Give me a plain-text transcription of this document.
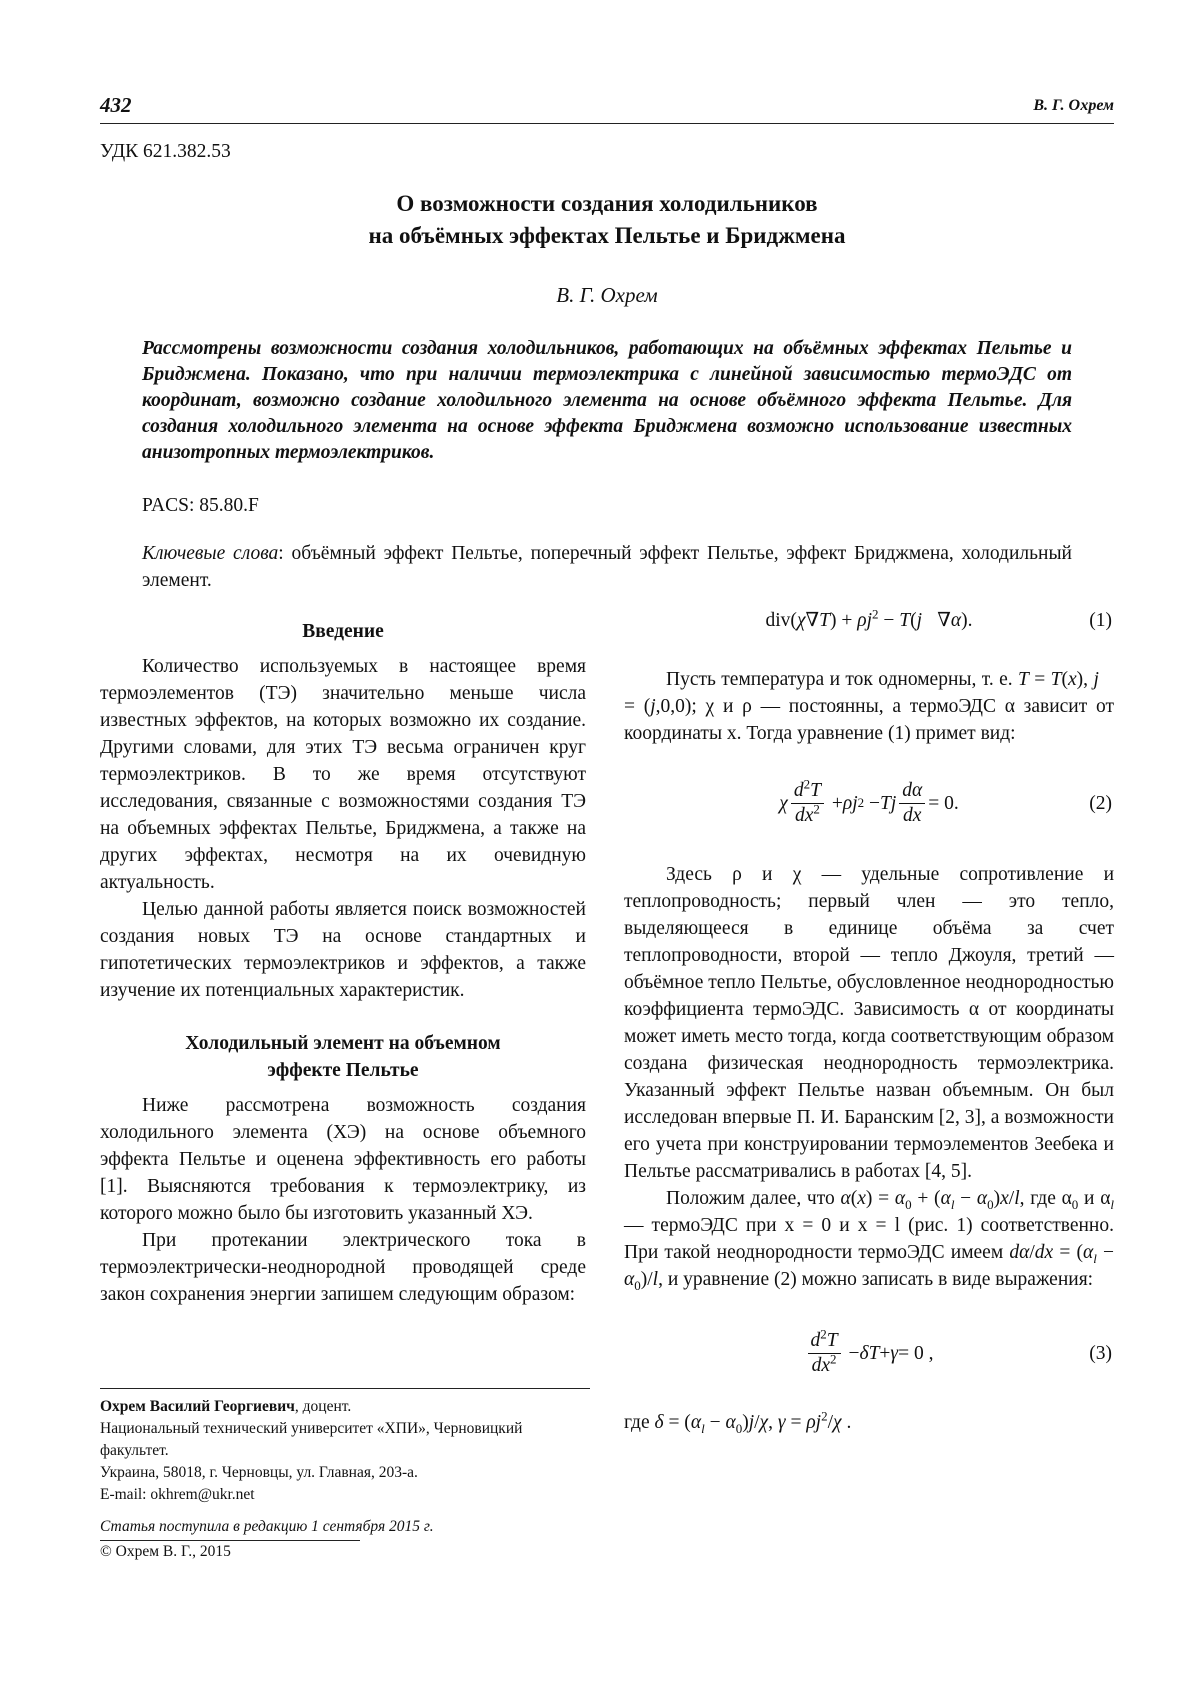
432	В. Г. Охрем
УДК 621.382.53
О возможности создания холодильников
на объёмных эффектах Пельтье и Бриджмена
В. Г. Охрем
Рассмотрены возможности создания холодильников, работающих на объёмных эффектах Пельтье и Бриджмена. Показано, что при наличии термоэлектрика с линейной зависимостью термоЭДС от координат, возможно создание холодильного элемента на основе объёмного эффекта Пельтье. Для создания холодильного элемента на основе эффекта Бриджмена возможно использование известных анизотропных термоэлектриков.
PACS: 85.80.F
Ключевые слова: объёмный эффект Пельтье, поперечный эффект Пельтье, эффект Бриджмена, холодильный элемент.

Введение

Количество используемых в настоящее время термоэлементов (ТЭ) значительно меньше числа известных эффектов, на которых возможно их создание. Другими словами, для этих ТЭ весьма ограничен круг термоэлектриков. В то же время отсутствуют исследования, связанные с возможностями создания ТЭ на объемных эффектах Пельтье, Бриджмена, а также на других эффектах, несмотря на их очевидную актуальность.

Целью данной работы является поиск возможностей создания новых ТЭ на основе стандартных и гипотетических термоэлектриков и эффектов, а также изучение их потенциальных характеристик.

Холодильный элемент на объемном
эффекте Пельтье

Ниже рассмотрена возможность создания холодильного элемента (ХЭ) на основе объемного эффекта Пельтье и оценена эффективность его работы [1]. Выясняются требования к термоэлектрику, из которого можно было бы изготовить указанный ХЭ.

При протекании электрического тока в термоэлектрически-неоднородной проводящей среде закон сохранения энергии запишем следующим образом:

$div(\chi\nabla T) + \rho j^2$ − T(j⃗∇α).	(1)

Пусть температура и ток одномерны, т. е. T = T(x), j⃗ = (j,0,0); χ и ρ — постоянны, а термоЭДС α зависит от координаты x. Тогда уравнение (1) примет вид:

χ $\frac{d^2T}{dx^2} + \rho j$ 2 − Tj $\frac{d\alpha}{dx} = 0$.	(2)

Здесь ρ и χ — удельные сопротивление и теплопроводность; первый член — это тепло, выделяющееся в единице объёма за счет теплопроводности, второй — тепло Джоуля, третий — объёмное тепло Пельтье, обусловленное неоднородностью коэффициента термоЭДС. Зависимость α от координаты может иметь место тогда, когда соответствующим образом создана физическая неоднородность термоэлектрика. Указанный эффект Пельтье назван объемным. Он был исследован впервые П. И. Баранским [2, 3], а возможности его учета при конструировании термоэлементов Зеебека и Пельтье рассматривались в работах [4, 5].

Положим далее, что $\alpha(x) = \alpha_0 + (\alpha_l - \alpha_0)x/l$, где $\alpha_0$ и $\alpha_l$ — термоЭДС при x = 0 и x = l (рис. 1) соответственно. При такой неоднородности термоЭДС имеем $d\alpha/dx = (\alpha_l - \alpha_0)/l$, и уравнение (2) можно записать в виде выражения:

$\frac{d^2T}{dx^2} - \delta T + \gamma = 0$ ,	(3)

где $\delta = (\alpha_l - \alpha_0)j/\chi$, $\gamma = \rho j^2/\chi$ .

Охрем Василий Георгиевич, доцент.
Национальный технический университет «ХПИ», Черновицкий факультет.
Украина, 58018, г. Черновцы, ул. Главная, 203-а.
E-mail: okhrem@ukr.net
Статья поступила в редакцию 1 сентября 2015 г.
© Охрем В. Г., 2015
